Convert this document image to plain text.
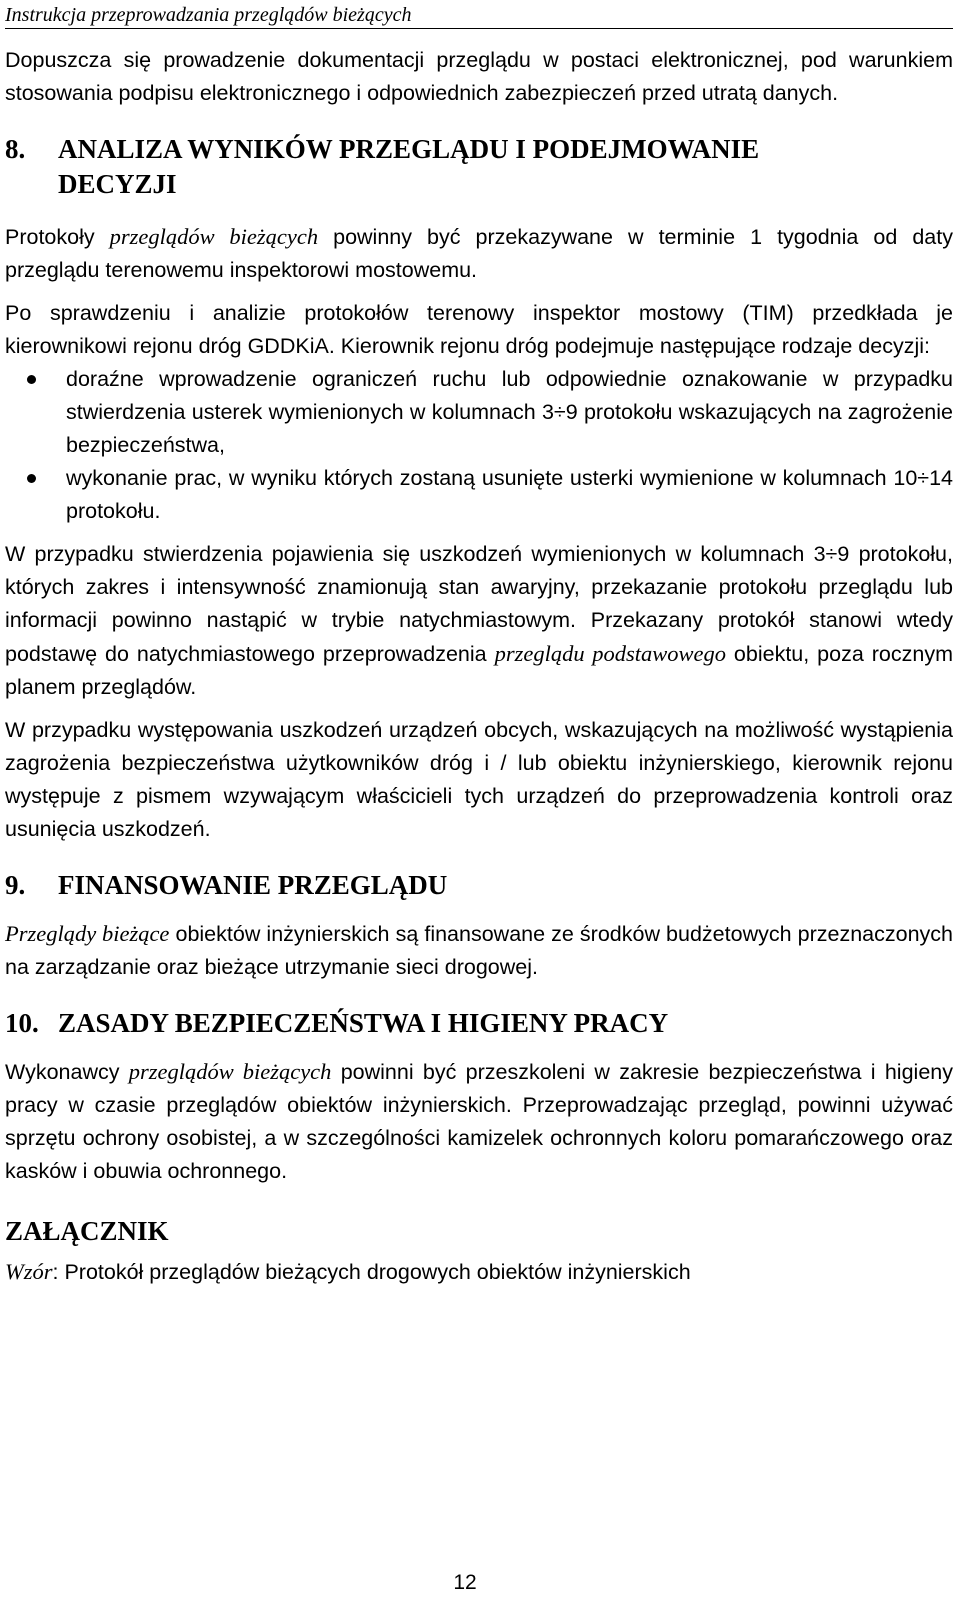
Instrukcja przeprowadzania przeglądów bieżących

Dopuszcza się prowadzenie dokumentacji przeglądu w postaci elektronicznej, pod warunkiem stosowania podpisu elektronicznego i odpowiednich zabezpieczeń przed utratą danych.

8.	ANALIZA WYNIKÓW PRZEGLĄDU I PODEJMOWANIE DECYZJI

Protokoły przeglądów bieżących powinny być przekazywane w terminie 1 tygodnia od daty przeglądu terenowemu inspektorowi mostowemu.

Po sprawdzeniu i analizie protokołów terenowy inspektor mostowy (TIM) przedkłada je kierownikowi rejonu dróg GDDKiA. Kierownik rejonu dróg podejmuje następujące rodzaje decyzji:

doraźne wprowadzenie ograniczeń ruchu lub odpowiednie oznakowanie w przypadku stwierdzenia usterek wymienionych w kolumnach 3÷9 protokołu wskazujących na zagrożenie bezpieczeństwa,
wykonanie prac, w wyniku których zostaną usunięte usterki wymienione w kolumnach 10÷14 protokołu.

W przypadku stwierdzenia pojawienia się uszkodzeń wymienionych w kolumnach 3÷9 protokołu, których zakres i intensywność znamionują stan awaryjny, przekazanie protokołu przeglądu lub informacji powinno nastąpić w trybie natychmiastowym. Przekazany protokół stanowi wtedy podstawę do natychmiastowego przeprowadzenia przeglądu podstawowego obiektu, poza rocznym planem przeglądów.

W przypadku występowania uszkodzeń urządzeń obcych, wskazujących na możliwość wystąpienia zagrożenia bezpieczeństwa użytkowników dróg i / lub obiektu inżynierskiego, kierownik rejonu występuje z pismem wzywającym właścicieli tych urządzeń do przeprowadzenia kontroli oraz usunięcia uszkodzeń.

9. FINANSOWANIE PRZEGLĄDU

Przeglądy bieżące obiektów inżynierskich są finansowane ze środków budżetowych przeznaczonych na zarządzanie oraz bieżące utrzymanie sieci drogowej.

10. ZASADY BEZPIECZEŃSTWA I HIGIENY PRACY

Wykonawcy przeglądów bieżących powinni być przeszkoleni w zakresie bezpieczeństwa i higieny pracy w czasie przeglądów obiektów inżynierskich. Przeprowadzając przegląd, powinni używać sprzętu ochrony osobistej, a w szczególności kamizelek ochronnych koloru pomarańczowego oraz kasków i obuwia ochronnego.

ZAŁĄCZNIK

Wzór: Protokół przeglądów bieżących drogowych obiektów inżynierskich

12
